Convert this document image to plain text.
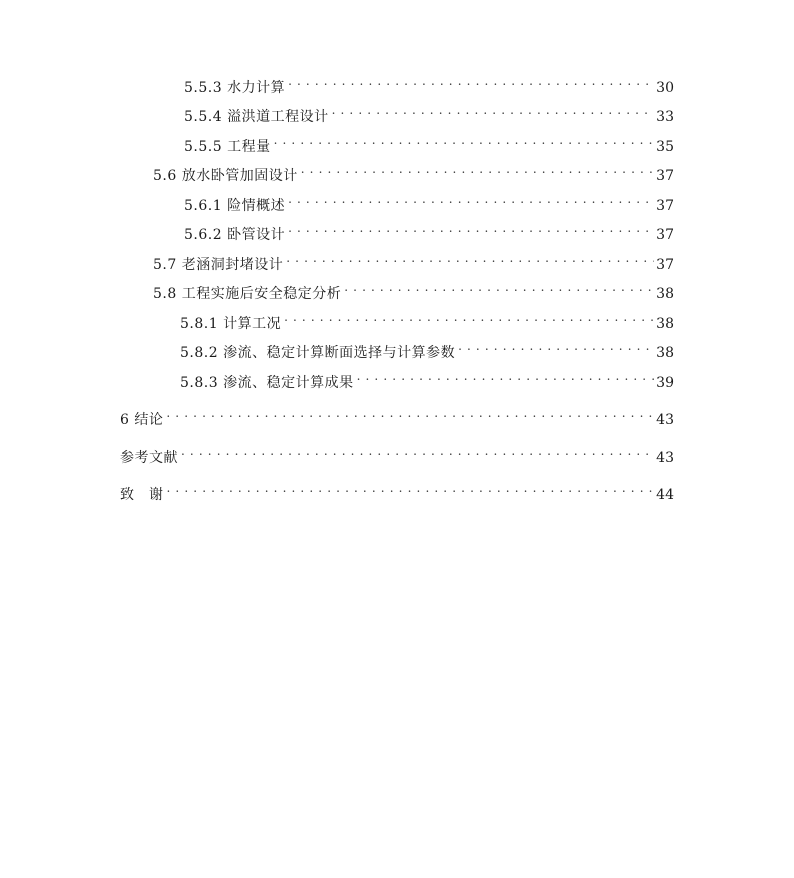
5.5.3 水力计算 . . .	30
5.5.4 溢洪道工程设计 . . .	33
5.5.5 工程量 . . .	35
5.6 放水卧管加固设计 . . .	37
5.6.1 险情概述 . . .	37
5.6.2 卧管设计 . . .	37
5.7 老涵洞封堵设计 . . .	37
5.8 工程实施后安全稳定分析 . . .	38
5.8.1 计算工况 . . .	38
5.8.2 渗流、稳定计算断面选择与计算参数 . . .	38
5.8.3 渗流、稳定计算成果 . . .	39
6 结论 . . .	43
参考文献 . . .	43
致　谢 . . .	44
